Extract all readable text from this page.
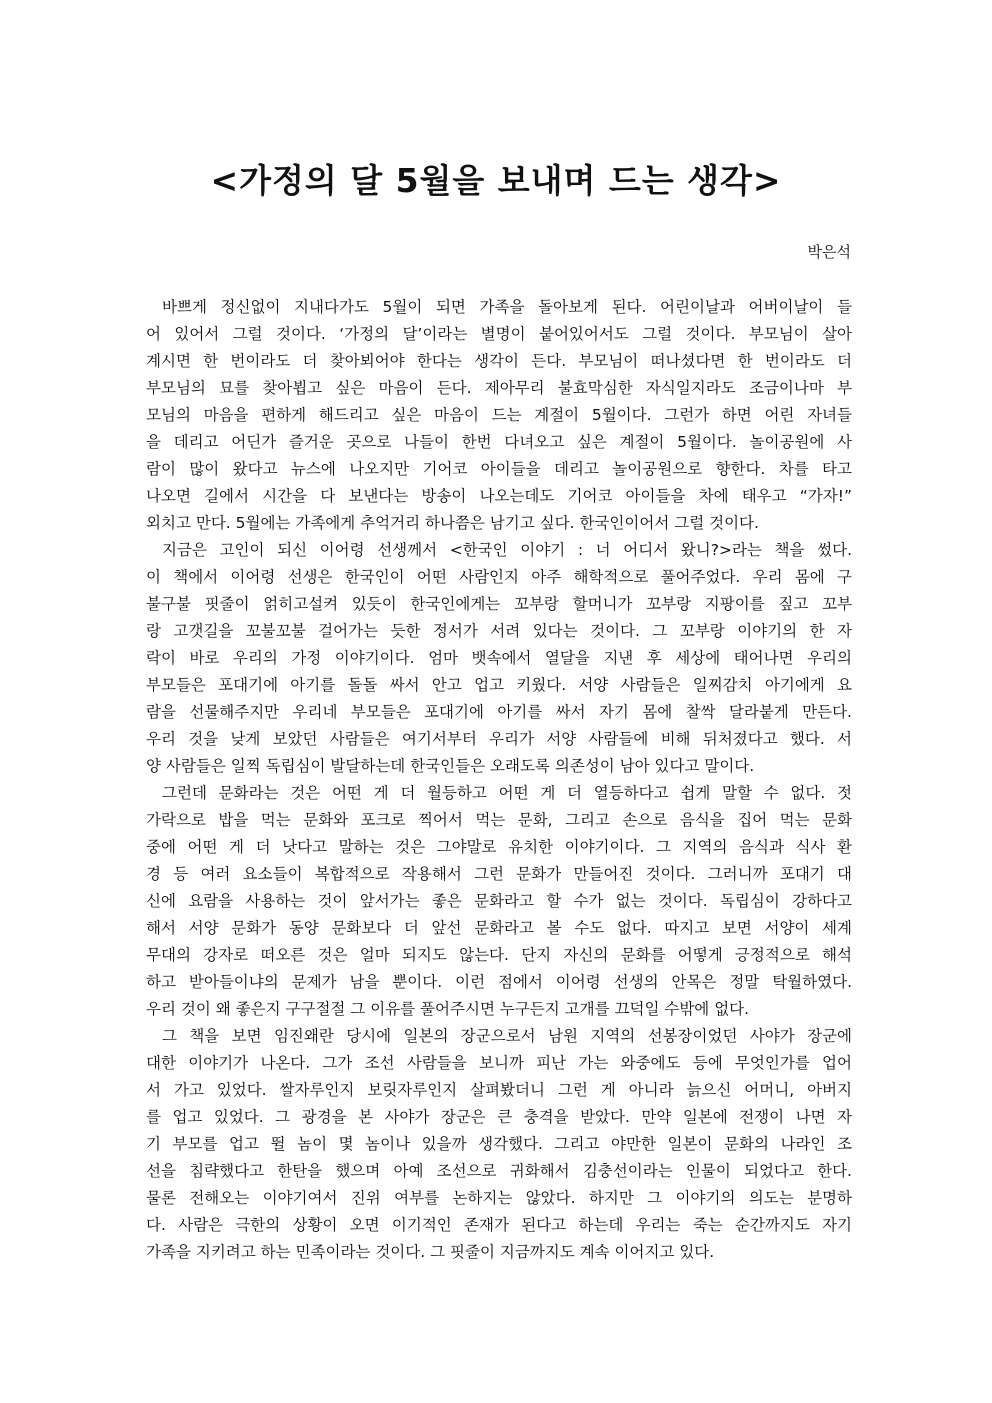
<가정의 달 5월을 보내며 드는 생각>
박은석
바쁘게 정신없이 지내다가도 5월이 되면 가족을 돌아보게 된다. 어린이날과 어버이날이 들
어 있어서 그럴 것이다. ‘가정의 달’이라는 별명이 붙어있어서도 그럴 것이다. 부모님이 살아
계시면 한 번이라도 더 찾아뵈어야 한다는 생각이 든다. 부모님이 떠나셨다면 한 번이라도 더
부모님의 묘를 찾아뵙고 싶은 마음이 든다. 제아무리 불효막심한 자식일지라도 조금이나마 부
모님의 마음을 편하게 해드리고 싶은 마음이 드는 계절이 5월이다. 그런가 하면 어린 자녀들
을 데리고 어딘가 즐거운 곳으로 나들이 한번 다녀오고 싶은 계절이 5월이다. 놀이공원에 사
람이 많이 왔다고 뉴스에 나오지만 기어코 아이들을 데리고 놀이공원으로 향한다. 차를 타고
나오면 길에서 시간을 다 보낸다는 방송이 나오는데도 기어코 아이들을 차에 태우고 “가자!”
외치고 만다. 5월에는 가족에게 추억거리 하나쯤은 남기고 싶다. 한국인이어서 그럴 것이다.
지금은 고인이 되신 이어령 선생께서 <한국인 이야기 : 너 어디서 왔니?>라는 책을 썼다.
이 책에서 이어령 선생은 한국인이 어떤 사람인지 아주 해학적으로 풀어주었다. 우리 몸에 구
불구불 핏줄이 얽히고설켜 있듯이 한국인에게는 꼬부랑 할머니가 꼬부랑 지팡이를 짚고 꼬부
랑 고갯길을 꼬불꼬불 걸어가는 듯한 정서가 서려 있다는 것이다. 그 꼬부랑 이야기의 한 자
락이 바로 우리의 가정 이야기이다. 엄마 뱃속에서 열달을 지낸 후 세상에 태어나면 우리의
부모들은 포대기에 아기를 돌돌 싸서 안고 업고 키웠다. 서양 사람들은 일찌감치 아기에게 요
람을 선물해주지만 우리네 부모들은 포대기에 아기를 싸서 자기 몸에 찰싹 달라붙게 만든다.
우리 것을 낮게 보았던 사람들은 여기서부터 우리가 서양 사람들에 비해 뒤처졌다고 했다. 서
양 사람들은 일찍 독립심이 발달하는데 한국인들은 오래도록 의존성이 남아 있다고 말이다.
그런데 문화라는 것은 어떤 게 더 월등하고 어떤 게 더 열등하다고 쉽게 말할 수 없다. 젓
가락으로 밥을 먹는 문화와 포크로 찍어서 먹는 문화, 그리고 손으로 음식을 집어 먹는 문화
중에 어떤 게 더 낫다고 말하는 것은 그야말로 유치한 이야기이다. 그 지역의 음식과 식사 환
경 등 여러 요소들이 복합적으로 작용해서 그런 문화가 만들어진 것이다. 그러니까 포대기 대
신에 요람을 사용하는 것이 앞서가는 좋은 문화라고 할 수가 없는 것이다. 독립심이 강하다고
해서 서양 문화가 동양 문화보다 더 앞선 문화라고 볼 수도 없다. 따지고 보면 서양이 세계
무대의 강자로 떠오른 것은 얼마 되지도 않는다. 단지 자신의 문화를 어떻게 긍정적으로 해석
하고 받아들이냐의 문제가 남을 뿐이다. 이런 점에서 이어령 선생의 안목은 정말 탁월하였다.
우리 것이 왜 좋은지 구구절절 그 이유를 풀어주시면 누구든지 고개를 끄덕일 수밖에 없다.
그 책을 보면 임진왜란 당시에 일본의 장군으로서 남원 지역의 선봉장이었던 사야가 장군에
대한 이야기가 나온다. 그가 조선 사람들을 보니까 피난 가는 와중에도 등에 무엇인가를 업어
서 가고 있었다. 쌀자루인지 보릿자루인지 살펴봤더니 그런 게 아니라 늙으신 어머니, 아버지
를 업고 있었다. 그 광경을 본 사야가 장군은 큰 충격을 받았다. 만약 일본에 전쟁이 나면 자
기 부모를 업고 뛸 놈이 몇 놈이나 있을까 생각했다. 그리고 야만한 일본이 문화의 나라인 조
선을 침략했다고 한탄을 했으며 아예 조선으로 귀화해서 김충선이라는 인물이 되었다고 한다.
물론 전해오는 이야기여서 진위 여부를 논하지는 않았다. 하지만 그 이야기의 의도는 분명하
다. 사람은 극한의 상황이 오면 이기적인 존재가 된다고 하는데 우리는 죽는 순간까지도 자기
가족을 지키려고 하는 민족이라는 것이다. 그 핏줄이 지금까지도 계속 이어지고 있다.
